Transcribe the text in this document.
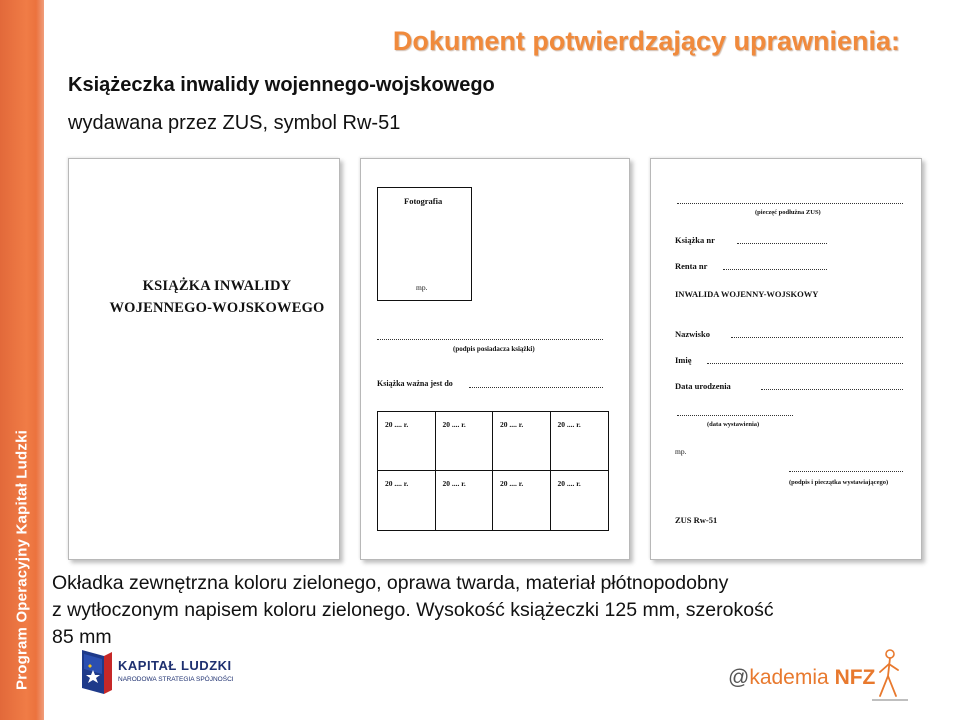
Program Operacyjny Kapitał Ludzki
Dokument potwierdzający uprawnienia:
Książeczka inwalidy wojennego-wojskowego
wydawana przez ZUS, symbol Rw-51
KSIĄŻKA INWALIDY
WOJENNEGO-WOJSKOWEGO
Fotografia
mp.
(podpis posiadacza książki)
Książka ważna jest do
20 .... r.	20 .... r.	20 .... r.	20 .... r.
20 .... r.	20 .... r.	20 .... r.	20 .... r.
(pieczęć podłużna ZUS)
Książka nr
Renta nr
INWALIDA WOJENNY-WOJSKOWY
Nazwisko
Imię
Data urodzenia
(data wystawienia)
mp.
(podpis i pieczątka wystawiającego)
ZUS Rw-51
Okładka zewnętrzna koloru zielonego, oprawa twarda, materiał płótnopodobny
z wytłoczonym napisem koloru zielonego. Wysokość książeczki 125 mm, szerokość
85 mm
KAPITAŁ LUDZKI
NARODOWA STRATEGIA SPÓJNOŚCI	@kademia NFZ
